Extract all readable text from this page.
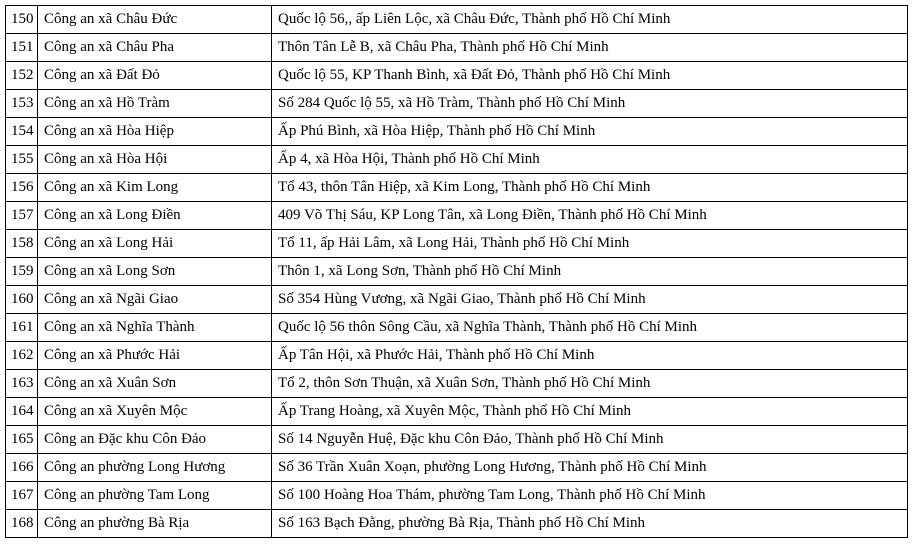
150	Công an xã Châu Đức	Quốc lộ 56,, ấp Liên Lộc, xã Châu Đức, Thành phố Hồ Chí Minh
151	Công an xã Châu Pha	Thôn Tân Lễ B, xã Châu Pha, Thành phố Hồ Chí Minh
152	Công an xã Đất Đỏ	Quốc lộ 55, KP Thanh Bình, xã Đất Đỏ, Thành phố Hồ Chí Minh
153	Công an xã Hồ Tràm	Số 284 Quốc lộ 55, xã Hồ Tràm, Thành phố Hồ Chí Minh
154	Công an xã Hòa Hiệp	Ấp Phú Bình, xã Hòa Hiệp, Thành phố Hồ Chí Minh
155	Công an xã Hòa Hội	Ấp 4, xã Hòa Hội, Thành phố Hồ Chí Minh
156	Công an xã Kim Long	Tổ 43, thôn Tân Hiệp, xã Kim Long, Thành phố Hồ Chí Minh
157	Công an xã Long Điền	409 Võ Thị Sáu, KP Long Tân, xã Long Điền, Thành phố Hồ Chí Minh
158	Công an xã Long Hải	Tổ 11, ấp Hải Lâm, xã Long Hải, Thành phố Hồ Chí Minh
159	Công an xã Long Sơn	Thôn 1, xã Long Sơn, Thành phố Hồ Chí Minh
160	Công an xã Ngãi Giao	Số 354 Hùng Vương, xã Ngãi Giao, Thành phố Hồ Chí Minh
161	Công an xã Nghĩa Thành	Quốc lộ 56 thôn Sông Cầu, xã Nghĩa Thành, Thành phố Hồ Chí Minh
162	Công an xã Phước Hải	Ấp Tân Hội, xã Phước Hải, Thành phố Hồ Chí Minh
163	Công an xã Xuân Sơn	Tổ 2, thôn Sơn Thuận, xã Xuân Sơn, Thành phố Hồ Chí Minh
164	Công an xã Xuyên Mộc	Ấp Trang Hoàng, xã Xuyên Mộc, Thành phố Hồ Chí Minh
165	Công an Đặc khu Côn Đảo	Số 14 Nguyễn Huệ, Đặc khu Côn Đảo, Thành phố Hồ Chí Minh
166	Công an phường Long Hương	Số 36 Trần Xuân Xoạn, phường Long Hương, Thành phố Hồ Chí Minh
167	Công an phường Tam Long	Số 100 Hoàng Hoa Thám, phường Tam Long, Thành phố Hồ Chí Minh
168	Công an phường Bà Rịa	Số 163 Bạch Đằng, phường Bà Rịa, Thành phố Hồ Chí Minh
